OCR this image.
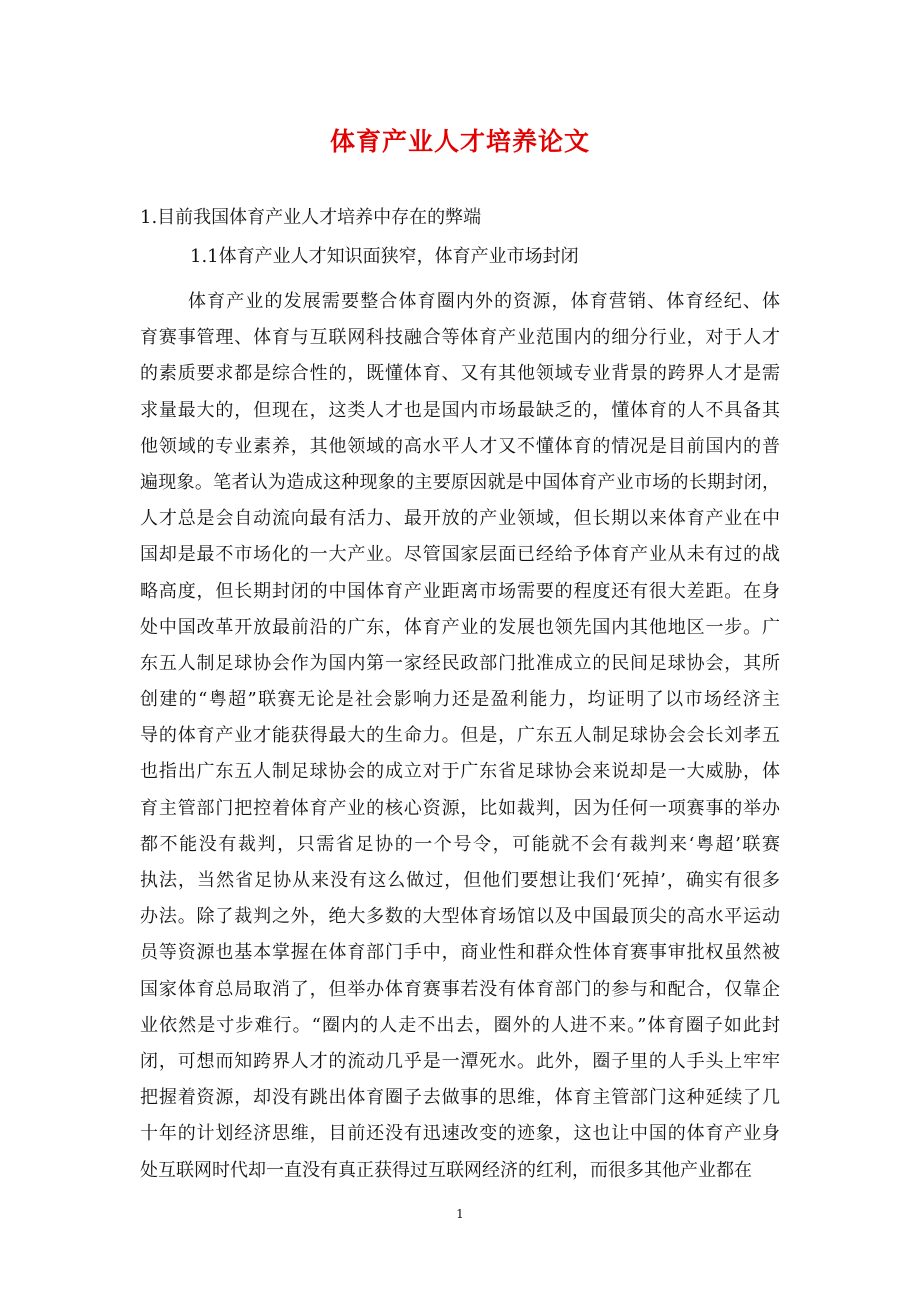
体育产业人才培养论文

1.目前我国体育产业人才培养中存在的弊端

1.1体育产业人才知识面狭窄，体育产业市场封闭

体育产业的发展需要整合体育圈内外的资源，体育营销、体育经纪、体
育赛事管理、体育与互联网科技融合等体育产业范围内的细分行业，对于人才
的素质要求都是综合性的，既懂体育、又有其他领域专业背景的跨界人才是需
求量最大的，但现在，这类人才也是国内市场最缺乏的，懂体育的人不具备其
他领域的专业素养，其他领域的高水平人才又不懂体育的情况是目前国内的普
遍现象。笔者认为造成这种现象的主要原因就是中国体育产业市场的长期封闭，
人才总是会自动流向最有活力、最开放的产业领域，但长期以来体育产业在中
国却是最不市场化的一大产业。尽管国家层面已经给予体育产业从未有过的战
略高度，但长期封闭的中国体育产业距离市场需要的程度还有很大差距。在身
处中国改革开放最前沿的广东，体育产业的发展也领先国内其他地区一步。广
东五人制足球协会作为国内第一家经民政部门批准成立的民间足球协会，其所
创建的“粤超”联赛无论是社会影响力还是盈利能力，均证明了以市场经济主
导的体育产业才能获得最大的生命力。但是，广东五人制足球协会会长刘孝五
也指出广东五人制足球协会的成立对于广东省足球协会来说却是一大威胁，体
育主管部门把控着体育产业的核心资源，比如裁判，因为任何一项赛事的举办
都不能没有裁判，只需省足协的一个号令，可能就不会有裁判来‘粤超’联赛
执法，当然省足协从来没有这么做过，但他们要想让我们‘死掉’，确实有很多
办法。除了裁判之外，绝大多数的大型体育场馆以及中国最顶尖的高水平运动
员等资源也基本掌握在体育部门手中，商业性和群众性体育赛事审批权虽然被
国家体育总局取消了，但举办体育赛事若没有体育部门的参与和配合，仅靠企
业依然是寸步难行。“圈内的人走不出去，圈外的人进不来。”体育圈子如此封
闭，可想而知跨界人才的流动几乎是一潭死水。此外，圈子里的人手头上牢牢
把握着资源，却没有跳出体育圈子去做事的思维，体育主管部门这种延续了几
十年的计划经济思维，目前还没有迅速改变的迹象，这也让中国的体育产业身
处互联网时代却一直没有真正获得过互联网经济的红利，而很多其他产业都在

1
